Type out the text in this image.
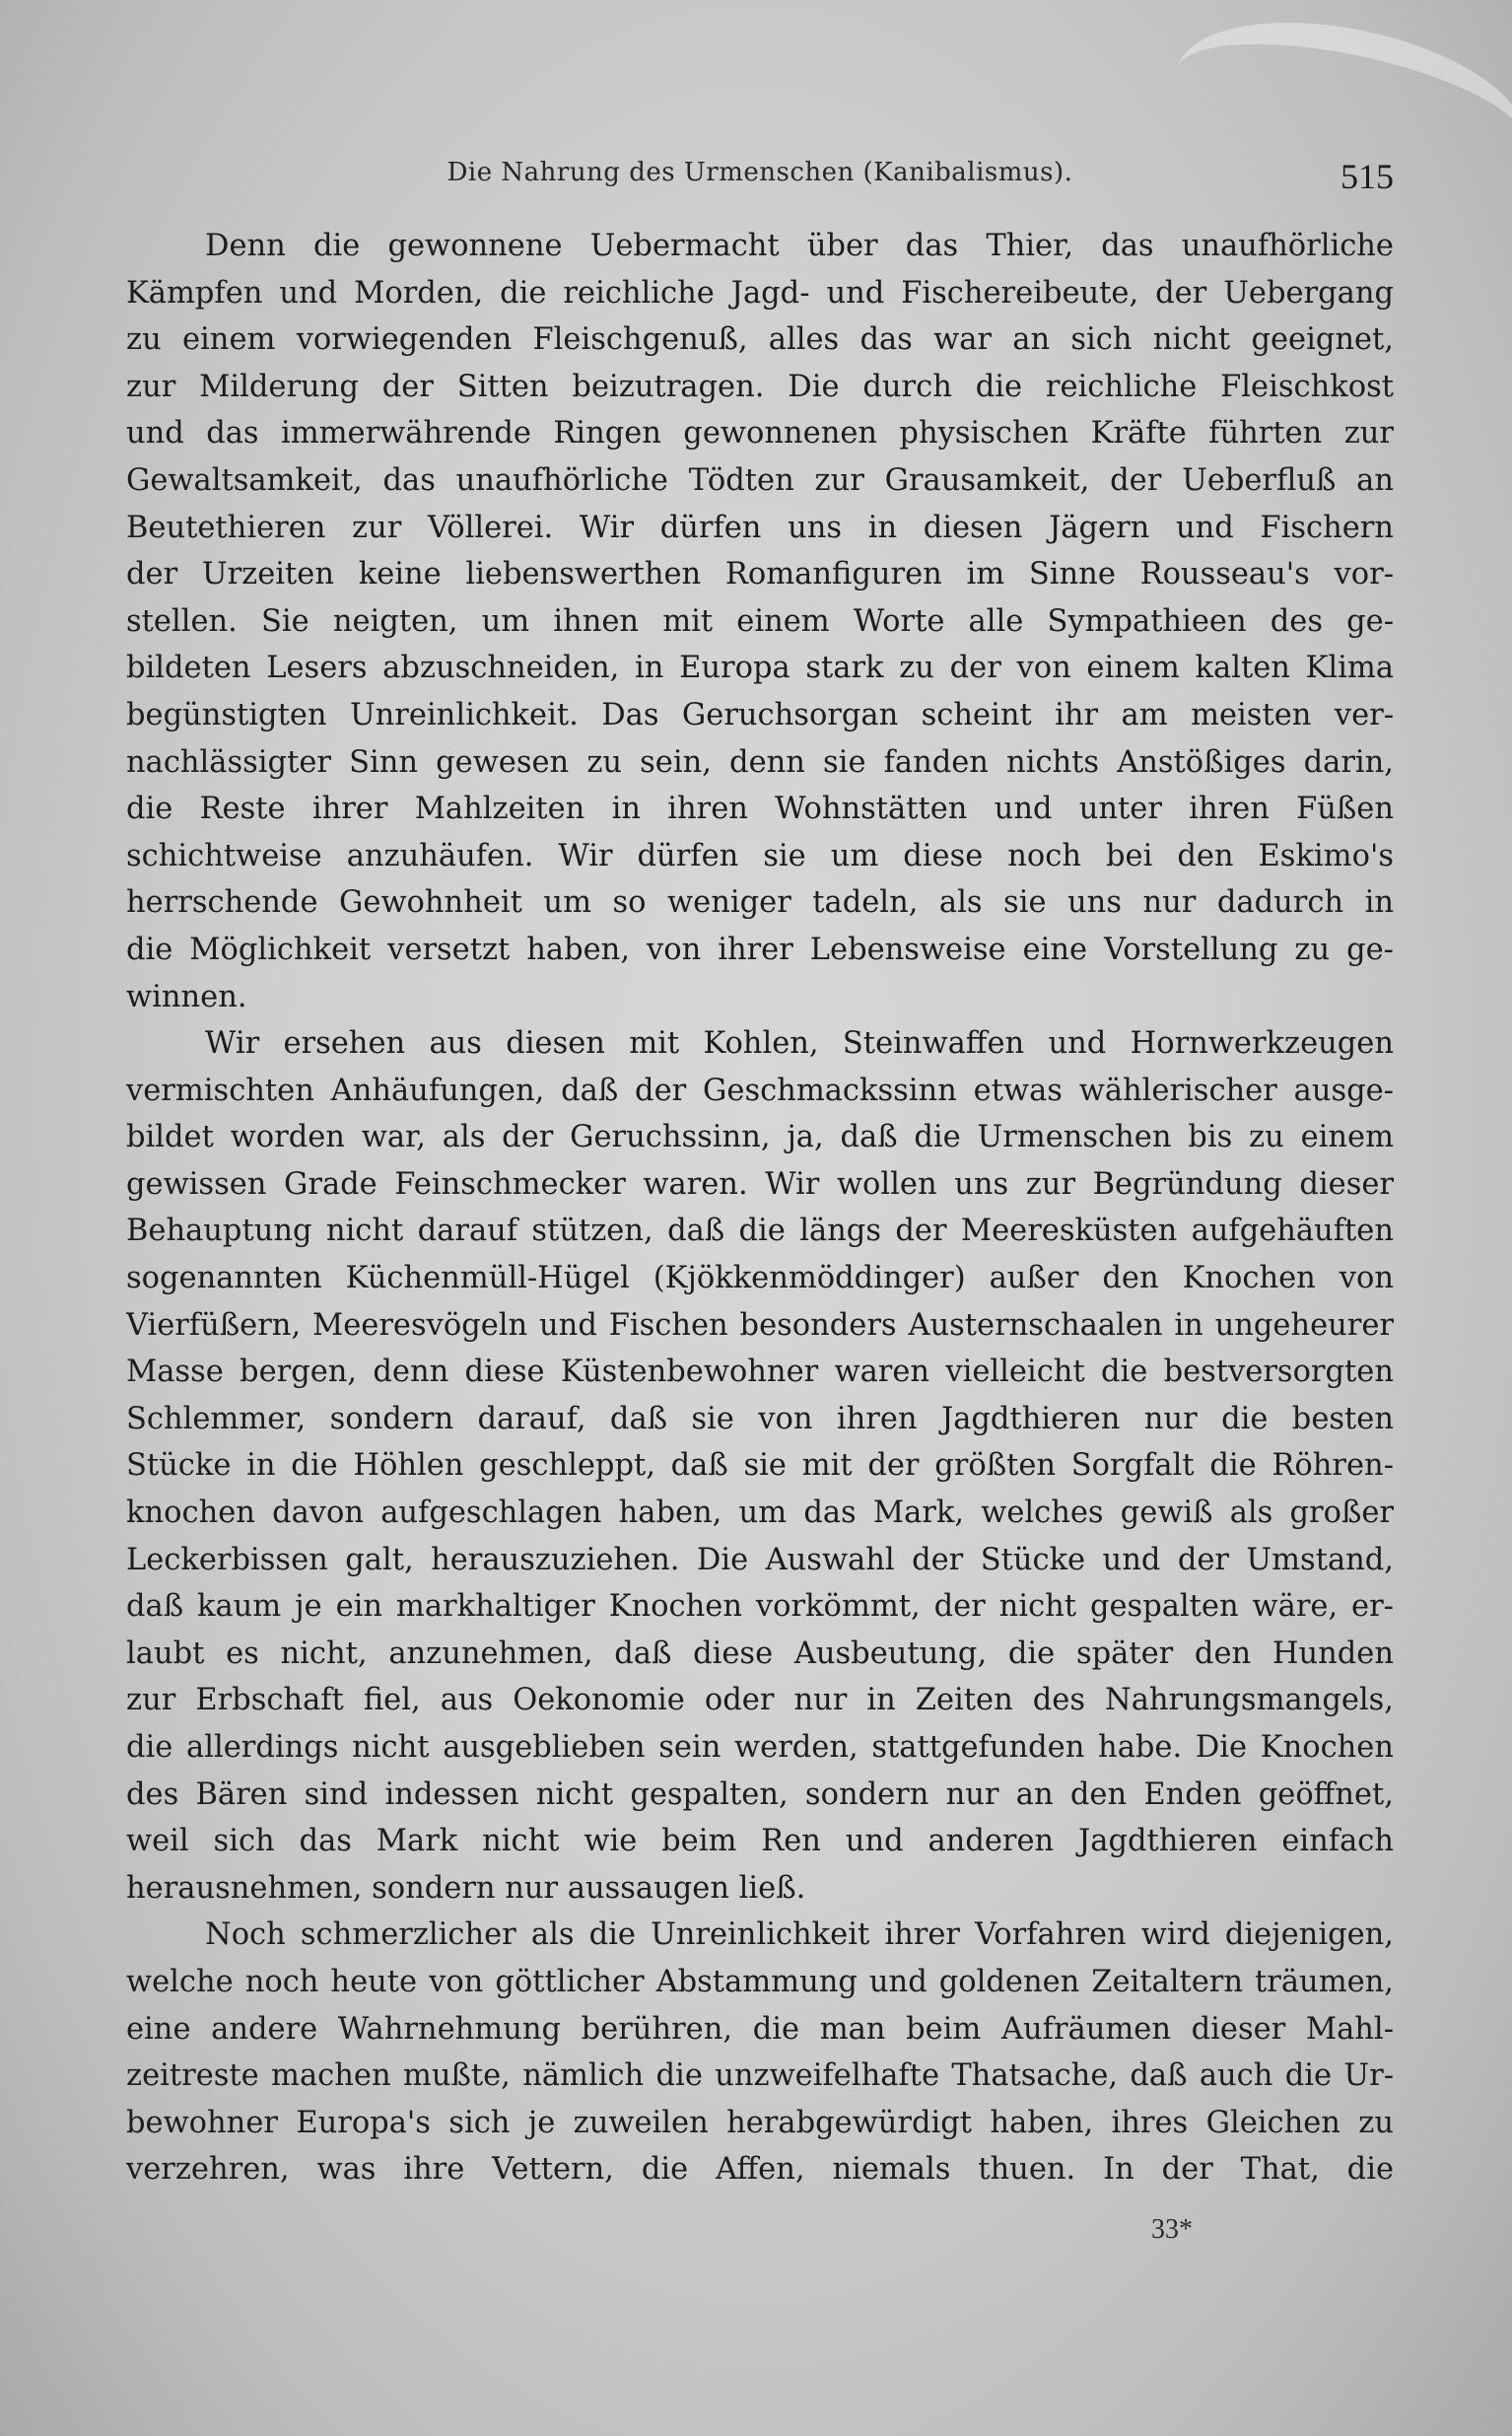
Die Nahrung des Urmenschen (Kanibalismus).	515
Denn die gewonnene Uebermacht über das Thier, das unaufhörliche
Kämpfen und Morden, die reichliche Jagd- und Fischereibeute, der Uebergang
zu einem vorwiegenden Fleischgenuß, alles das war an sich nicht geeignet,
zur Milderung der Sitten beizutragen. Die durch die reichliche Fleischkost
und das immerwährende Ringen gewonnenen physischen Kräfte führten zur
Gewaltsamkeit, das unaufhörliche Tödten zur Grausamkeit, der Ueberfluß an
Beutethieren zur Völlerei. Wir dürfen uns in diesen Jägern und Fischern
der Urzeiten keine liebenswerthen Romanfiguren im Sinne Rousseau's vor-
stellen. Sie neigten, um ihnen mit einem Worte alle Sympathieen des ge-
bildeten Lesers abzuschneiden, in Europa stark zu der von einem kalten Klima
begünstigten Unreinlichkeit. Das Geruchsorgan scheint ihr am meisten ver-
nachlässigter Sinn gewesen zu sein, denn sie fanden nichts Anstößiges darin,
die Reste ihrer Mahlzeiten in ihren Wohnstätten und unter ihren Füßen
schichtweise anzuhäufen. Wir dürfen sie um diese noch bei den Eskimo's
herrschende Gewohnheit um so weniger tadeln, als sie uns nur dadurch in
die Möglichkeit versetzt haben, von ihrer Lebensweise eine Vorstellung zu ge-
winnen.
Wir ersehen aus diesen mit Kohlen, Steinwaffen und Hornwerkzeugen
vermischten Anhäufungen, daß der Geschmackssinn etwas wählerischer ausge-
bildet worden war, als der Geruchssinn, ja, daß die Urmenschen bis zu einem
gewissen Grade Feinschmecker waren. Wir wollen uns zur Begründung dieser
Behauptung nicht darauf stützen, daß die längs der Meeresküsten aufgehäuften
sogenannten Küchenmüll-Hügel (Kjökkenmöddinger) außer den Knochen von
Vierfüßern, Meeresvögeln und Fischen besonders Austernschaalen in ungeheurer
Masse bergen, denn diese Küstenbewohner waren vielleicht die bestversorgten
Schlemmer, sondern darauf, daß sie von ihren Jagdthieren nur die besten
Stücke in die Höhlen geschleppt, daß sie mit der größten Sorgfalt die Röhren-
knochen davon aufgeschlagen haben, um das Mark, welches gewiß als großer
Leckerbissen galt, herauszuziehen. Die Auswahl der Stücke und der Umstand,
daß kaum je ein markhaltiger Knochen vorkömmt, der nicht gespalten wäre, er-
laubt es nicht, anzunehmen, daß diese Ausbeutung, die später den Hunden
zur Erbschaft fiel, aus Oekonomie oder nur in Zeiten des Nahrungsmangels,
die allerdings nicht ausgeblieben sein werden, stattgefunden habe. Die Knochen
des Bären sind indessen nicht gespalten, sondern nur an den Enden geöffnet,
weil sich das Mark nicht wie beim Ren und anderen Jagdthieren einfach
herausnehmen, sondern nur aussaugen ließ.
Noch schmerzlicher als die Unreinlichkeit ihrer Vorfahren wird diejenigen,
welche noch heute von göttlicher Abstammung und goldenen Zeitaltern träumen,
eine andere Wahrnehmung berühren, die man beim Aufräumen dieser Mahl-
zeitreste machen mußte, nämlich die unzweifelhafte Thatsache, daß auch die Ur-
bewohner Europa's sich je zuweilen herabgewürdigt haben, ihres Gleichen zu
verzehren, was ihre Vettern, die Affen, niemals thuen. In der That, die
33*
